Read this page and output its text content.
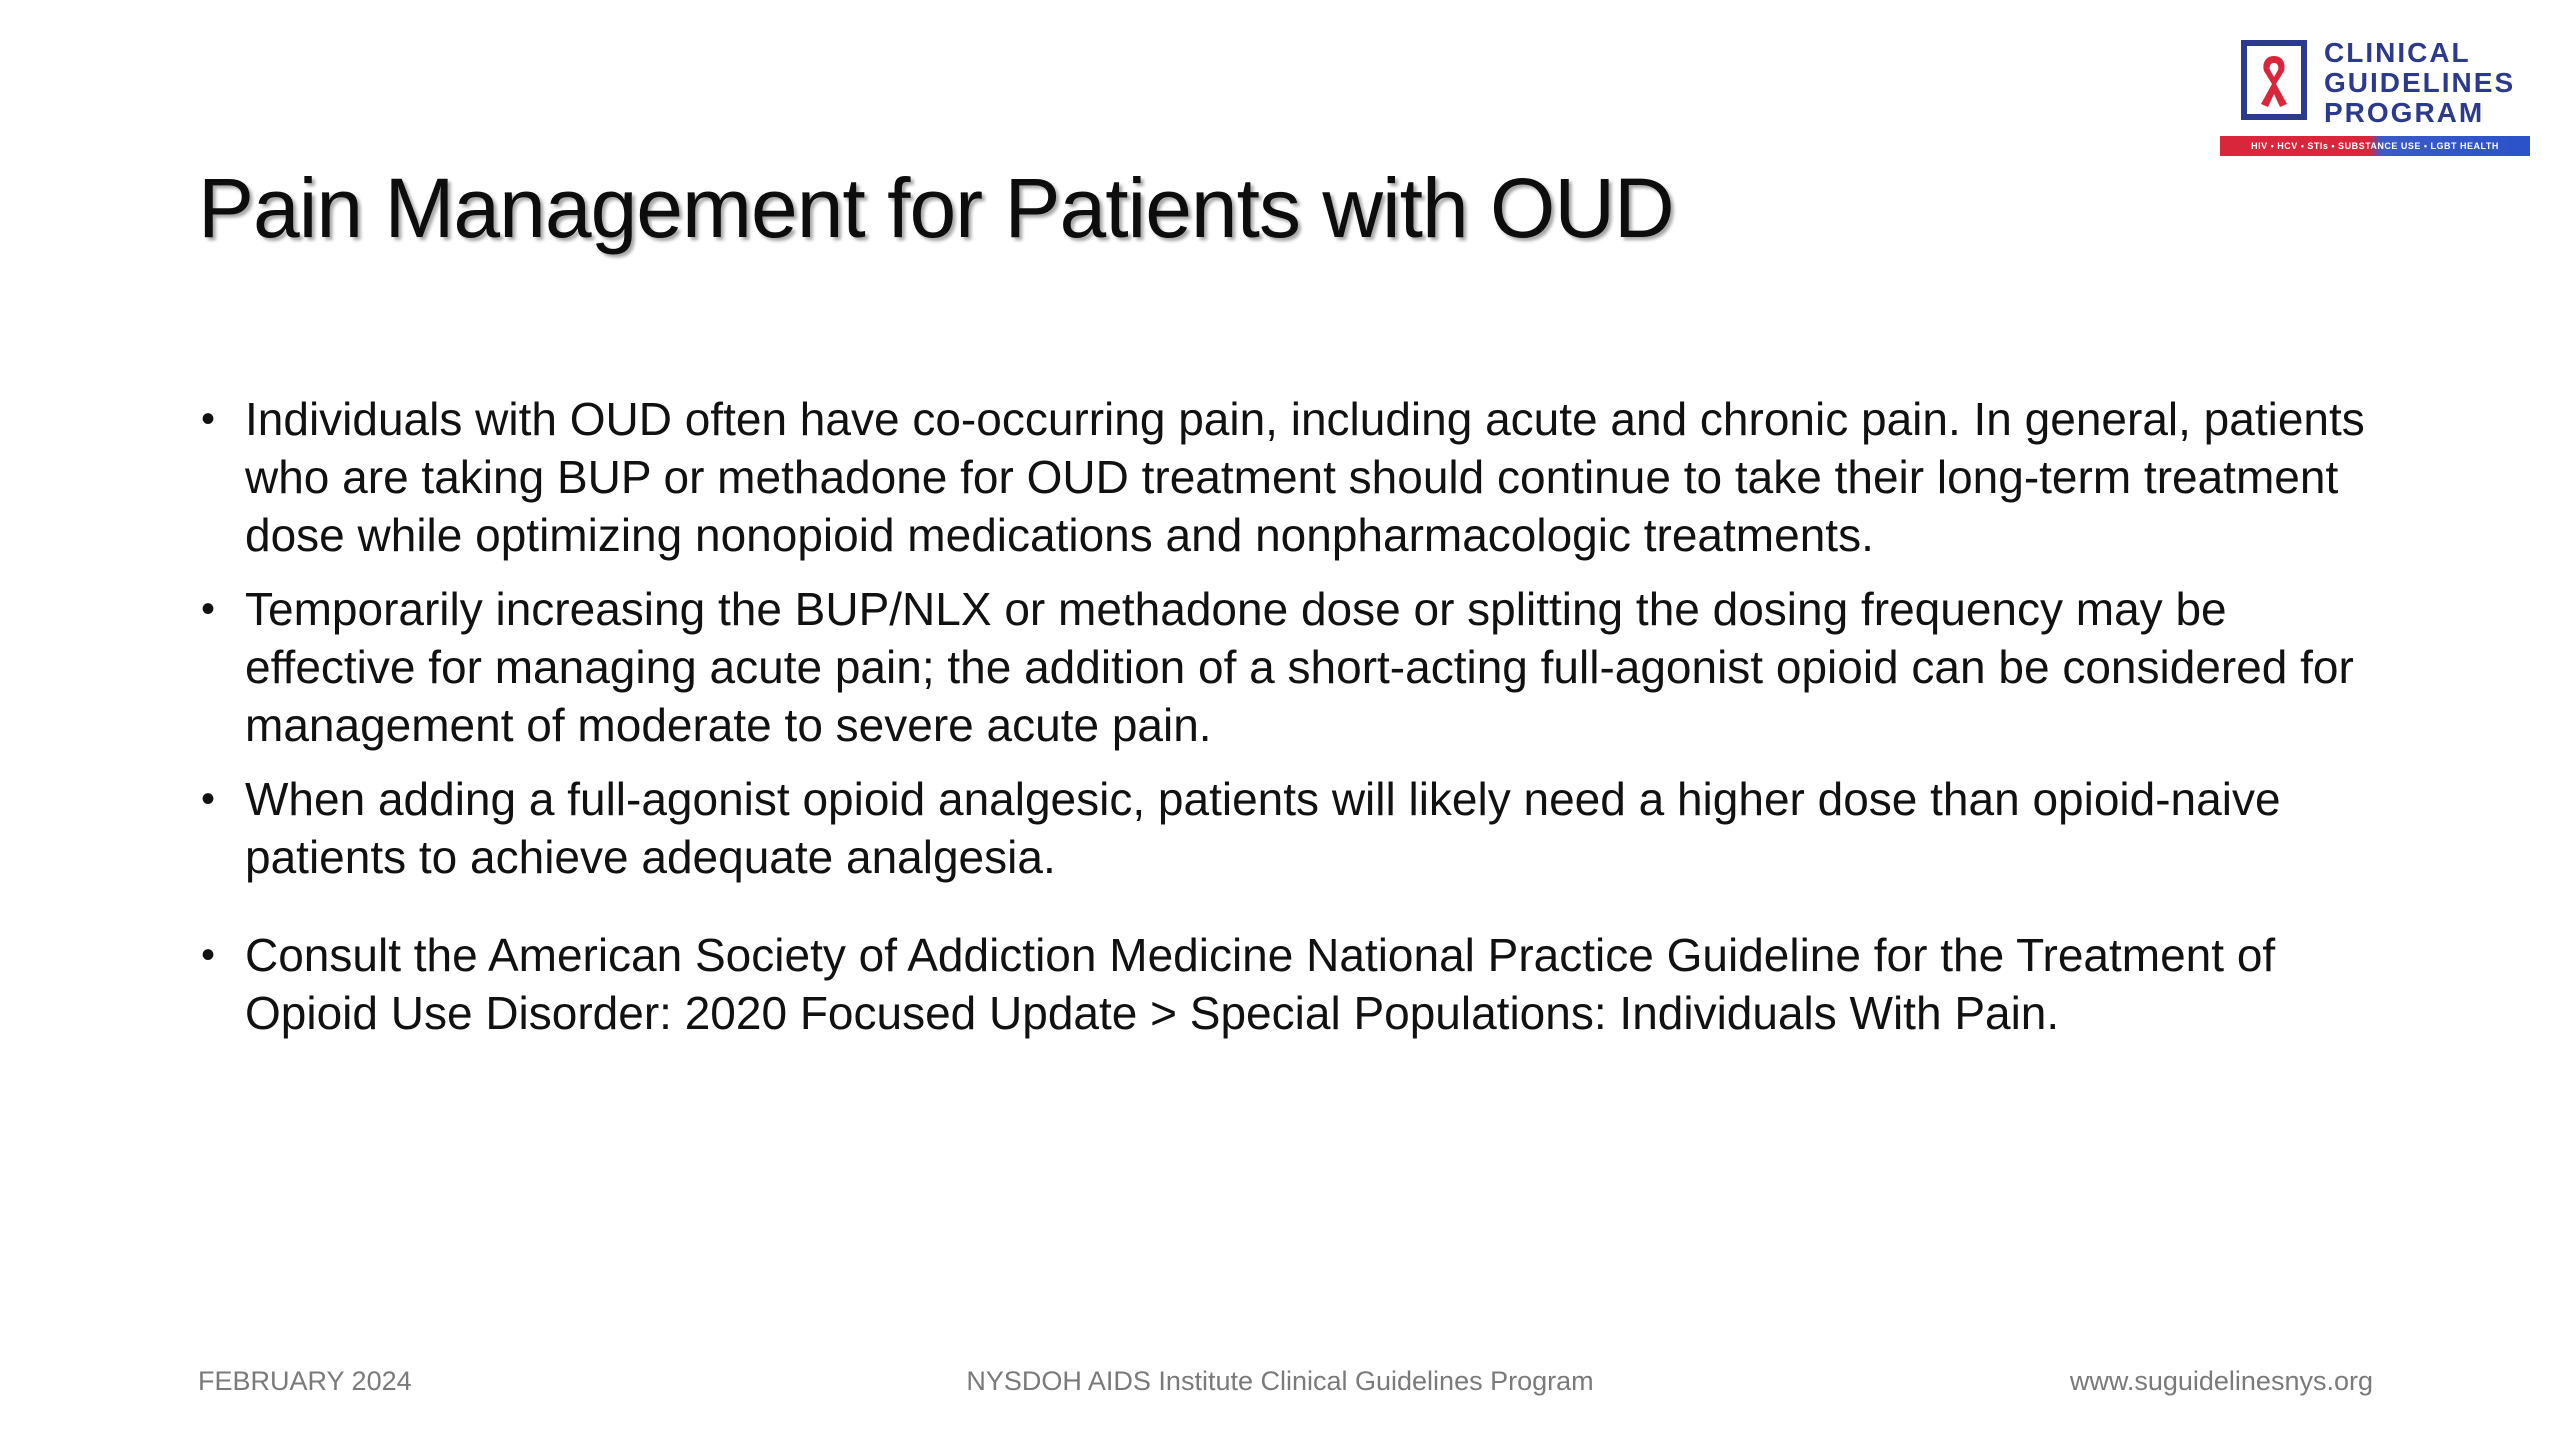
CLINICAL
GUIDELINES
PROGRAM
HIV • HCV • STIs • SUBSTANCE USE • LGBT HEALTH
Pain Management for Patients with OUD
• Individuals with OUD often have co-occurring pain, including acute and chronic pain. In general, patients who are taking BUP or methadone for OUD treatment should continue to take their long-term treatment dose while optimizing nonopioid medications and nonpharmacologic treatments.
• Temporarily increasing the BUP/NLX or methadone dose or splitting the dosing frequency may be effective for managing acute pain; the addition of a short-acting full-agonist opioid can be considered for management of moderate to severe acute pain.
• When adding a full-agonist opioid analgesic, patients will likely need a higher dose than opioid-naive patients to achieve adequate analgesia.
• Consult the American Society of Addiction Medicine National Practice Guideline for the Treatment of Opioid Use Disorder: 2020 Focused Update > Special Populations: Individuals With Pain.
FEBRUARY 2024	NYSDOH AIDS Institute Clinical Guidelines Program	www.suguidelinesnys.org
